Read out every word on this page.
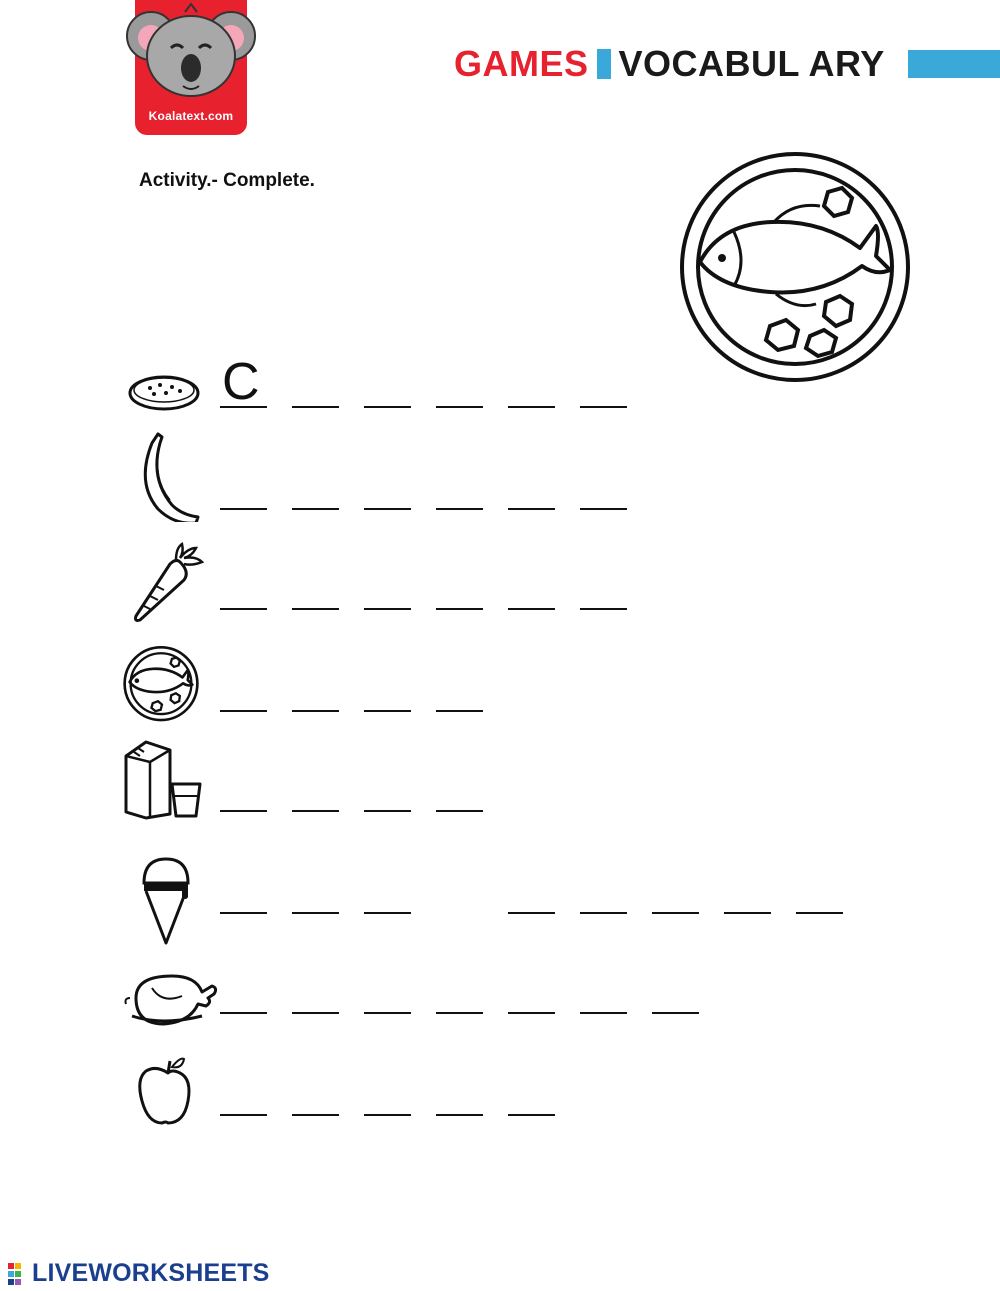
Koalatext.com
GAMES VOCABUL ARY
Activity.- Complete.
C
LIVEWORKSHEETS
